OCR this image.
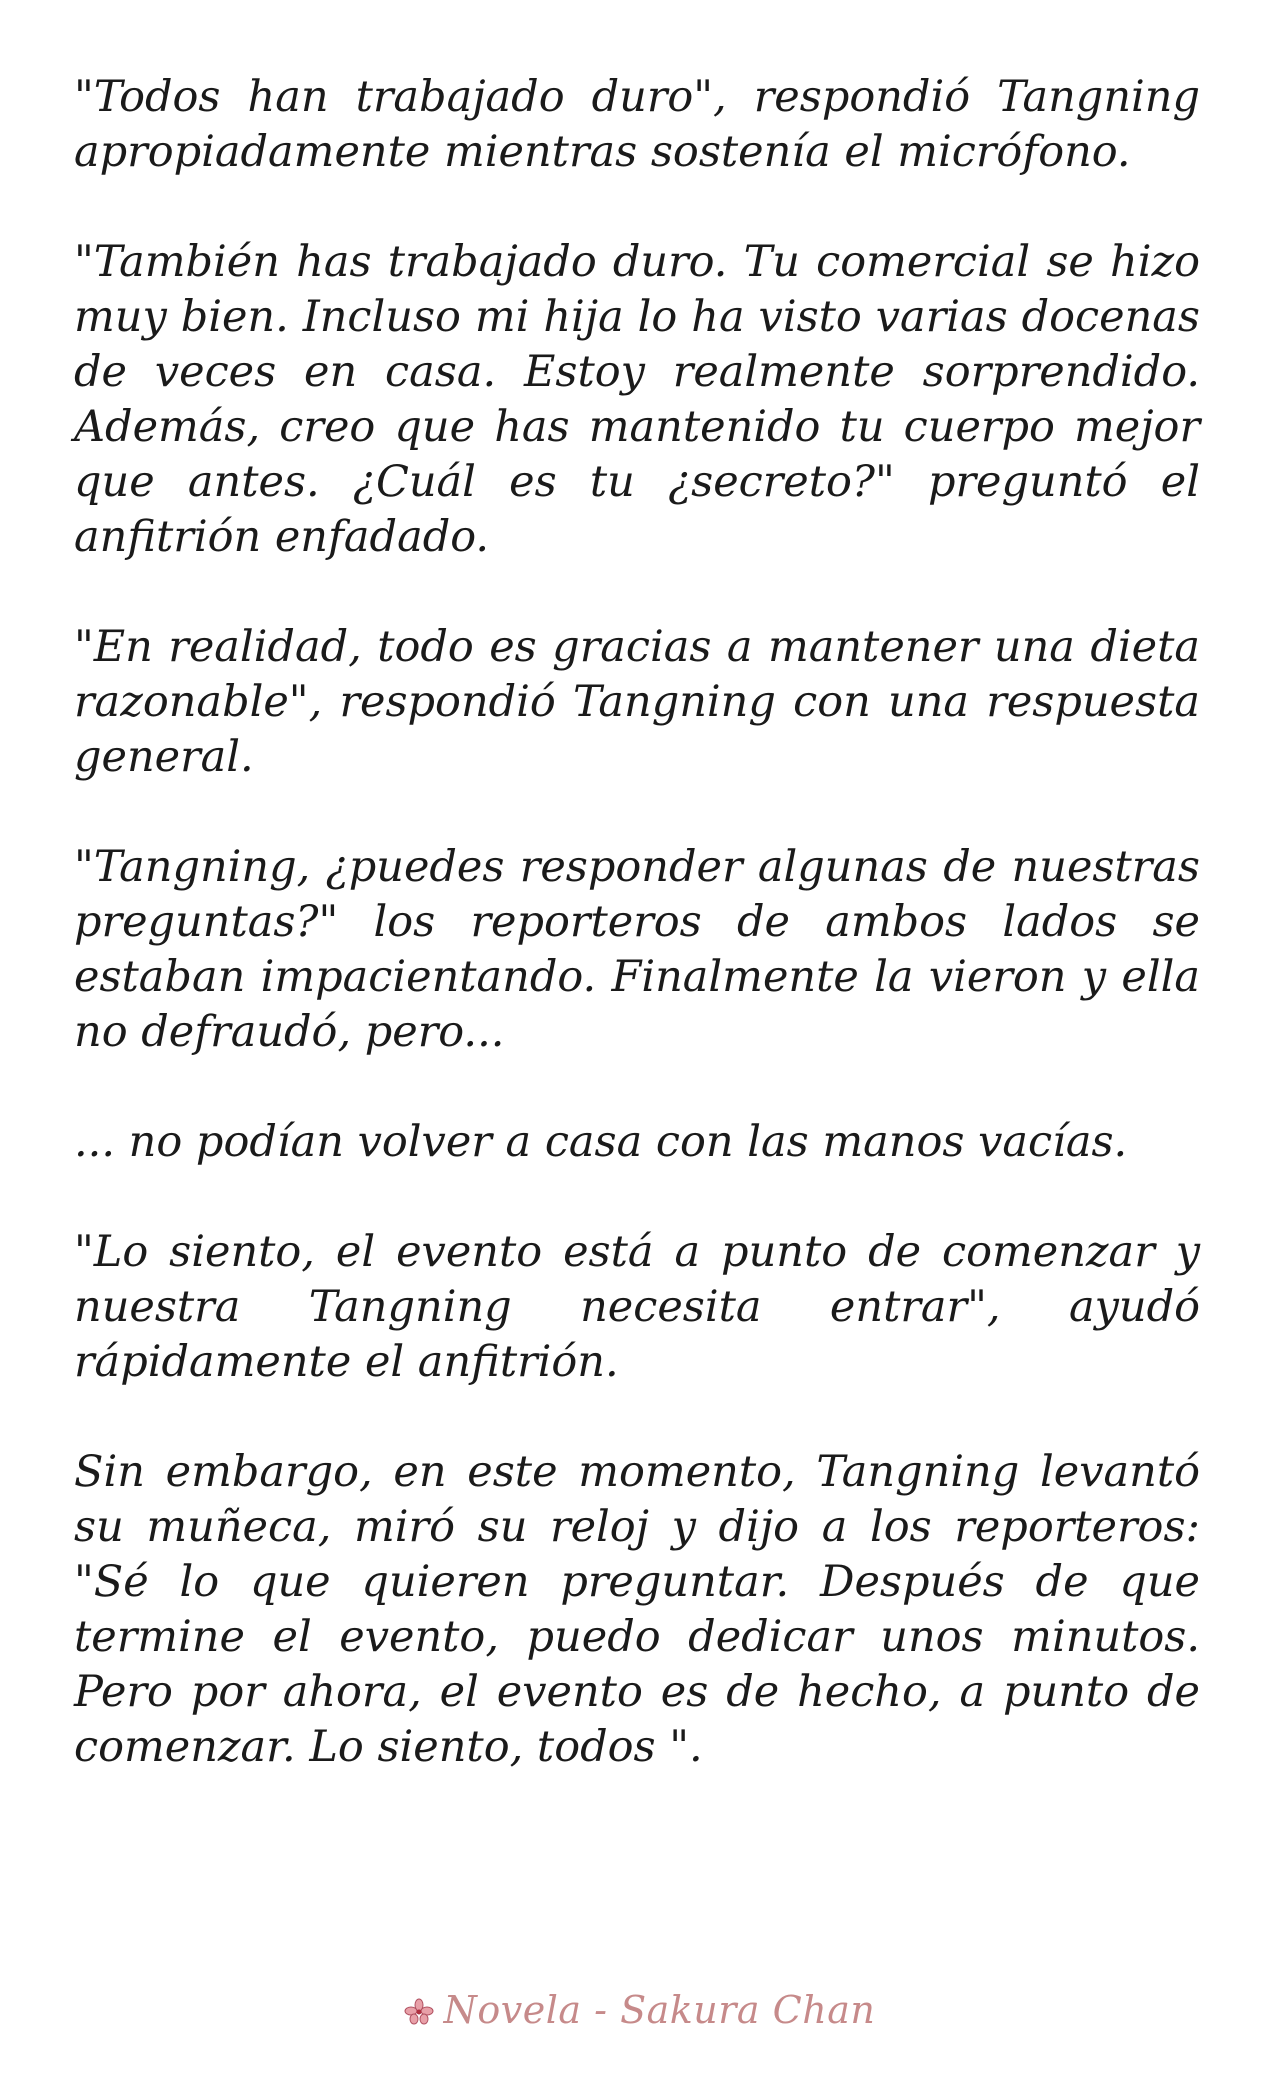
"Todos han trabajado duro", respondió Tangning apropiadamente mientras sostenía el micrófono.

"También has trabajado duro. Tu comercial se hizo muy bien. Incluso mi hija lo ha visto varias docenas de veces en casa. Estoy realmente sorprendido. Además, creo que has mantenido tu cuerpo mejor que antes. ¿Cuál es tu ¿secreto?" preguntó el anfitrión enfadado.

"En realidad, todo es gracias a mantener una dieta razonable", respondió Tangning con una respuesta general.

"Tangning, ¿puedes responder algunas de nuestras preguntas?" los reporteros de ambos lados se estaban impacientando. Finalmente la vieron y ella no defraudó, pero...

... no podían volver a casa con las manos vacías.

"Lo siento, el evento está a punto de comenzar y nuestra Tangning necesita entrar", ayudó rápidamente el anfitrión.

Sin embargo, en este momento, Tangning levantó su muñeca, miró su reloj y dijo a los reporteros: "Sé lo que quieren preguntar. Después de que termine el evento, puedo dedicar unos minutos. Pero por ahora, el evento es de hecho, a punto de comenzar. Lo siento, todos ".

Novela - Sakura Chan
